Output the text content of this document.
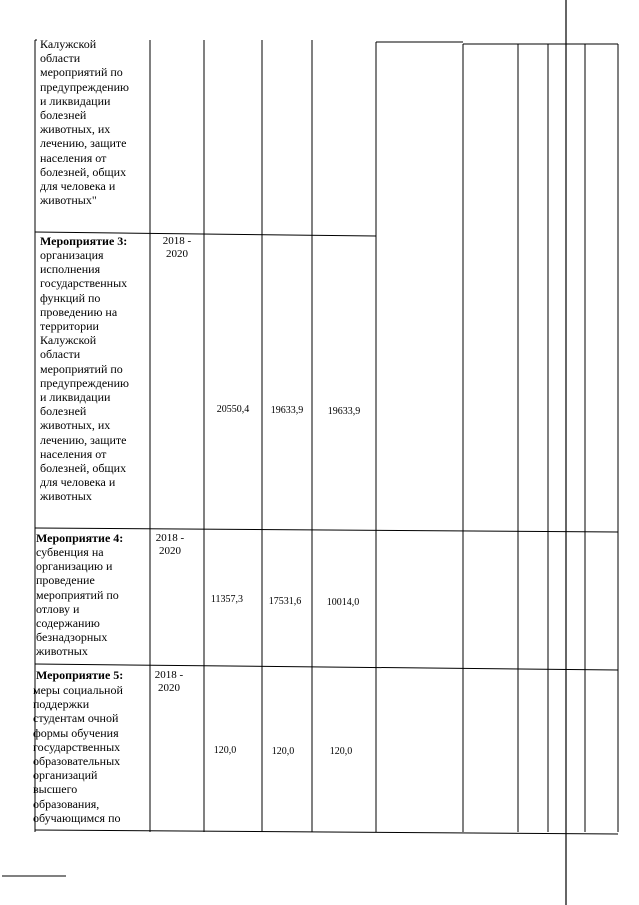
Калужской
области
мероприятий по
предупреждению
и ликвидации
болезней
животных, их
лечению, защите
населения от
болезней, общих
для человека и
животных"
Мероприятие 3:
организация
исполнения
государственных
функций по
проведению на
территории
Калужской
области
мероприятий по
предупреждению
и ликвидации
болезней
животных, их
лечению, защите
населения от
болезней, общих
для человека и
животных
2018 -
2020
20550,4	19633,9	19633,9
Мероприятие 4:
субвенция на
организацию и
проведение
мероприятий по
отлову и
содержанию
безнадзорных
животных
2018 -
2020
11357,3	17531,6	10014,0
Мероприятие 5:
меры социальной
поддержки
студентам очной
формы обучения
государственных
образовательных
организаций
высшего
образования,
обучающимся по
2018 -
2020
120,0	120,0	120,0
